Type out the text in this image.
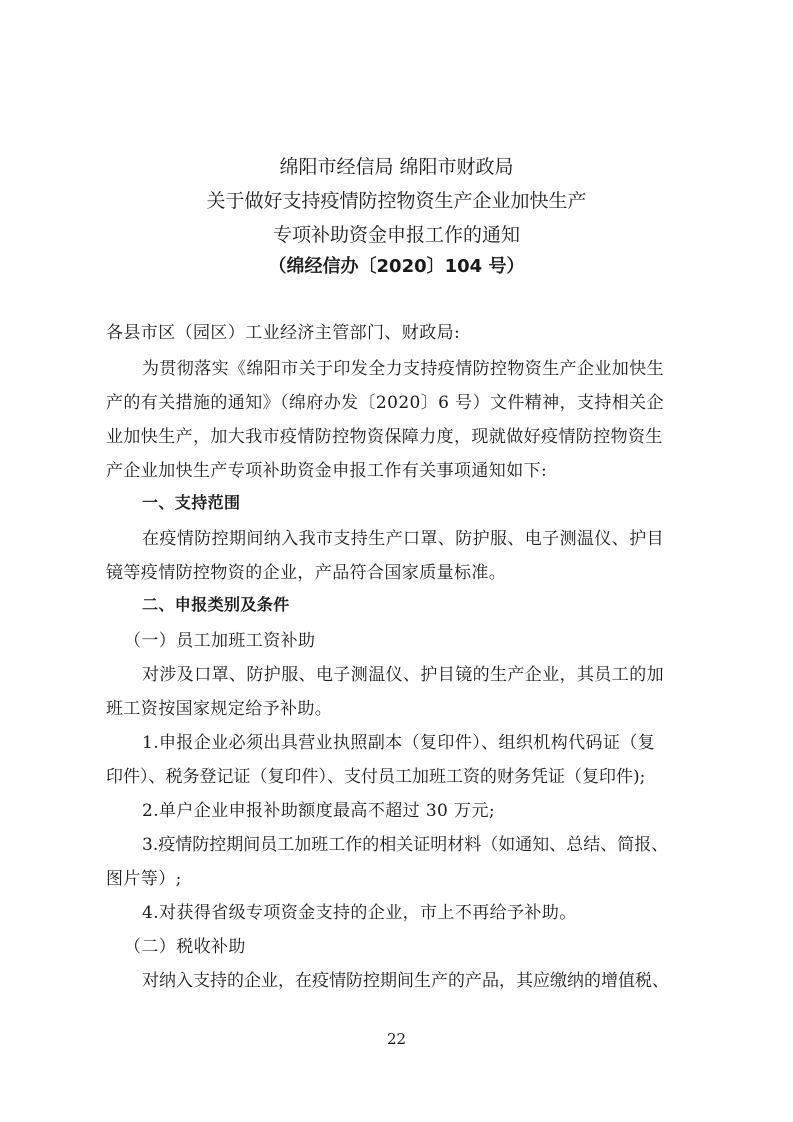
绵阳市经信局 绵阳市财政局
关于做好支持疫情防控物资生产企业加快生产
专项补助资金申报工作的通知
（绵经信办〔2020〕104 号）
各县市区（园区）工业经济主管部门、财政局:
为贯彻落实《绵阳市关于印发全力支持疫情防控物资生产企业加快生
产的有关措施的通知》（绵府办发〔2020〕6 号）文件精神，支持相关企
业加快生产，加大我市疫情防控物资保障力度，现就做好疫情防控物资生
产企业加快生产专项补助资金申报工作有关事项通知如下:
一、支持范围
在疫情防控期间纳入我市支持生产口罩、防护服、电子测温仪、护目
镜等疫情防控物资的企业，产品符合国家质量标准。
二、申报类别及条件
（一）员工加班工资补助
对涉及口罩、防护服、电子测温仪、护目镜的生产企业，其员工的加
班工资按国家规定给予补助。
1.申报企业必须出具营业执照副本（复印件）、组织机构代码证（复
印件）、税务登记证（复印件）、支付员工加班工资的财务凭证（复印件);
2.单户企业申报补助额度最高不超过 30 万元;
3.疫情防控期间员工加班工作的相关证明材料（如通知、总结、简报、
图片等）;
4.对获得省级专项资金支持的企业，市上不再给予补助。
（二）税收补助
对纳入支持的企业，在疫情防控期间生产的产品，其应缴纳的增值税、
22
